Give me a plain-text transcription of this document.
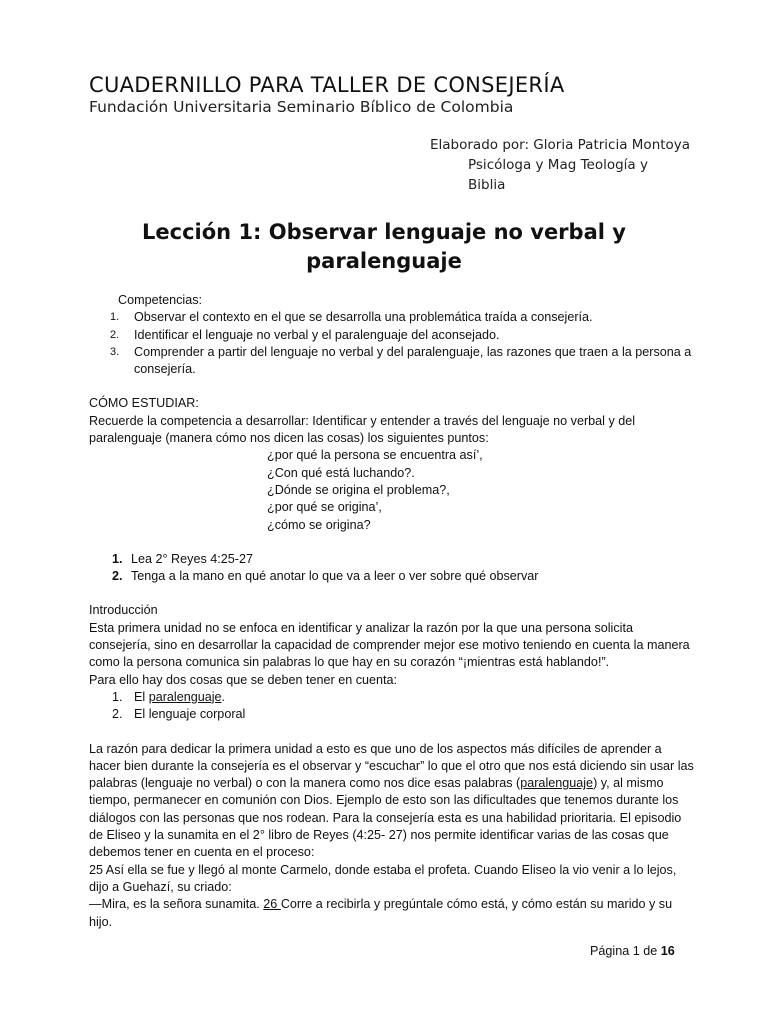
CUADERNILLO PARA TALLER DE CONSEJERÍA
Fundación Universitaria Seminario Bíblico de Colombia
Elaborado por: Gloria Patricia Montoya
Psicóloga y Mag Teología y
Biblia
Lección 1: Observar lenguaje no verbal y paralenguaje

Competencias:

1. Observar el contexto en el que se desarrolla una problemática traída a consejería.
2. Identificar el lenguaje no verbal y el paralenguaje del aconsejado.
3. Comprender a partir del lenguaje no verbal y del paralenguaje, las razones que traen a la persona a consejería.

CÓMO ESTUDIAR:

Recuerde la competencia a desarrollar: Identificar y entender a través del lenguaje no verbal y del paralenguaje (manera cómo nos dicen las cosas) los siguientes puntos:

¿por qué la persona se encuentra así’,

¿Con qué está luchando?.

¿Dónde se origina el problema?,

¿por qué se origina’,

¿cómo se origina?

1. Lea 2° Reyes 4:25-27
2. Tenga a la mano en qué anotar lo que va a leer o ver sobre qué observar

Introducción

Esta primera unidad no se enfoca en identificar y analizar la razón por la que una persona solicita consejería, sino en desarrollar la capacidad de comprender mejor ese motivo teniendo en cuenta la manera como la persona comunica sin palabras lo que hay en su corazón “¡mientras está hablando!”.

Para ello hay dos cosas que se deben tener en cuenta:

1. El paralenguaje.
2. El lenguaje corporal

La razón para dedicar la primera unidad a esto es que uno de los aspectos más difíciles de aprender a hacer bien durante la consejería es el observar y “escuchar” lo que el otro que nos está diciendo sin usar las palabras (lenguaje no verbal) o con la manera como nos dice esas palabras (paralenguaje) y, al mismo tiempo, permanecer en comunión con Dios. Ejemplo de esto son las dificultades que tenemos durante los diálogos con las personas que nos rodean. Para la consejería esta es una habilidad prioritaria. El episodio de Eliseo y la sunamita en el 2° libro de Reyes (4:25- 27) nos permite identificar varias de las cosas que debemos tener en cuenta en el proceso:

25 Así ella se fue y llegó al monte Carmelo, donde estaba el profeta. Cuando Eliseo la vio venir a lo lejos, dijo a Guehazí, su criado:

—Mira, es la señora sunamita. 26 Corre a recibirla y pregúntale cómo está, y cómo están su marido y su hijo.

Página 1 de 16
